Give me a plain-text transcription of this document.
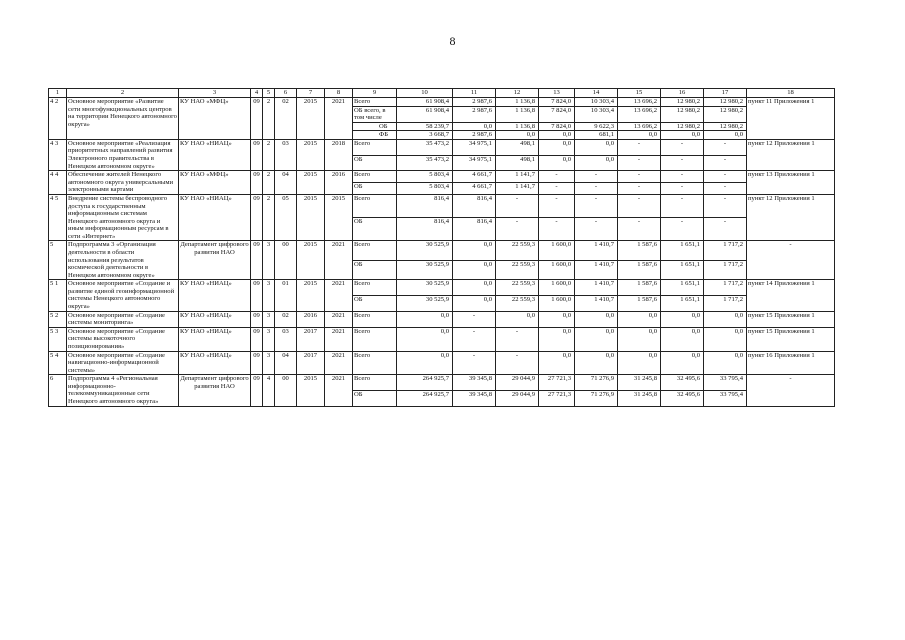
8
1	2	3	4	5	6	7	8	9	10	11	12	13	14	15	16	17	18
4 2	Основное мероприятие «Развитие сети многофункциональных центров на территории Ненецкого автономного округа»	КУ НАО «МФЦ»	09	2	02	2015	2021	Всего	61 908,4	2 987,6	1 136,8	7 824,0	10 303,4	13 696,2	12 980,2	12 980,2	пункт 11 Приложения 1
								ОБ всего, в том числе	61 908,4	2 987,6	1 136,8	7 824,0	10 303,4	13 696,2	12 980,2	12 980,2	
								ОБ	58 239,7	0,0	1 136,8	7 824,0	9 622,3	13 696,2	12 980,2	12 980,2	
								ФБ	3 668,7	2 987,6	0,0	0,0	681,1	0,0	0,0	0,0	
4 3	Основное мероприятие «Реализация приоритетных направлений развития Электронного правительства в Ненецком автономном округе»	КУ НАО «НИАЦ»	09	2	03	2015	2018	Всего	35 473,2	34 975,1	498,1	0,0	0,0	-	-	-	пункт 12 Приложения 1
								ОБ	35 473,2	34 975,1	498,1	0,0	0,0	-	-	-	
4 4	Обеспечение жителей Ненецкого автономного округа универсальными электронными картами	КУ НАО «МФЦ»	09	2	04	2015	2016	Всего	5 803,4	4 661,7	1 141,7	-	-	-	-	-	пункт 13 Приложения 1
								ОБ	5 803,4	4 661,7	1 141,7	-	-	-	-	-	
4 5	Внедрение системы беспроводного доступа к государственным информационным системам Ненецкого автономного округа и иным информационным ресурсам в сети «Интернет»	КУ НАО «НИАЦ»	09	2	05	2015	2015	Всего	816,4	816,4	-	-	-	-	-	-	пункт 12 Приложения 1
								ОБ	816,4	816,4	-	-	-	-	-	-	
5	Подпрограмма 3 «Организация деятельности в области использования результатов космической деятельности в Ненецком автономном округе»	Департамент цифрового развития НАО	09	3	00	2015	2021	Всего	30 525,9	0,0	22 559,3	1 600,0	1 410,7	1 587,6	1 651,1	1 717,2	-
								ОБ	30 525,9	0,0	22 559,3	1 600,0	1 410,7	1 587,6	1 651,1	1 717,2	
5 1	Основное мероприятие «Создание и развитие единой геоинформационной системы Ненецкого автономного округа»	КУ НАО «НИАЦ»	09	3	01	2015	2021	Всего	30 525,9	0,0	22 559,3	1 600,0	1 410,7	1 587,6	1 651,1	1 717,2	пункт 14 Приложения 1
								ОБ	30 525,9	0,0	22 559,3	1 600,0	1 410,7	1 587,6	1 651,1	1 717,2	
5 2	Основное мероприятие «Создание системы мониторинга»	КУ НАО «НИАЦ»	09	3	02	2016	2021	Всего	0,0	-	0,0	0,0	0,0	0,0	0,0	0,0	пункт 15 Приложения 1
5 3	Основное мероприятие «Создание системы высокоточного позиционирования»	КУ НАО «НИАЦ»	09	3	03	2017	2021	Всего	0,0	-	-	0,0	0,0	0,0	0,0	0,0	пункт 15 Приложения 1
5 4	Основное мероприятие «Создание навигационно-информационной системы»	КУ НАО «НИАЦ»	09	3	04	2017	2021	Всего	0,0	-	-	0,0	0,0	0,0	0,0	0,0	пункт 16 Приложения 1
6	Подпрограмма 4 «Региональная информационно-телекоммуникационные сети Ненецкого автономного округа»	Департамент цифрового развития НАО	09	4	00	2015	2021	Всего	264 925,7	39 345,8	29 044,9	27 721,3	71 276,9	31 245,8	32 495,6	33 795,4	-
								ОБ	264 925,7	39 345,8	29 044,9	27 721,3	71 276,9	31 245,8	32 495,6	33 795,4	
